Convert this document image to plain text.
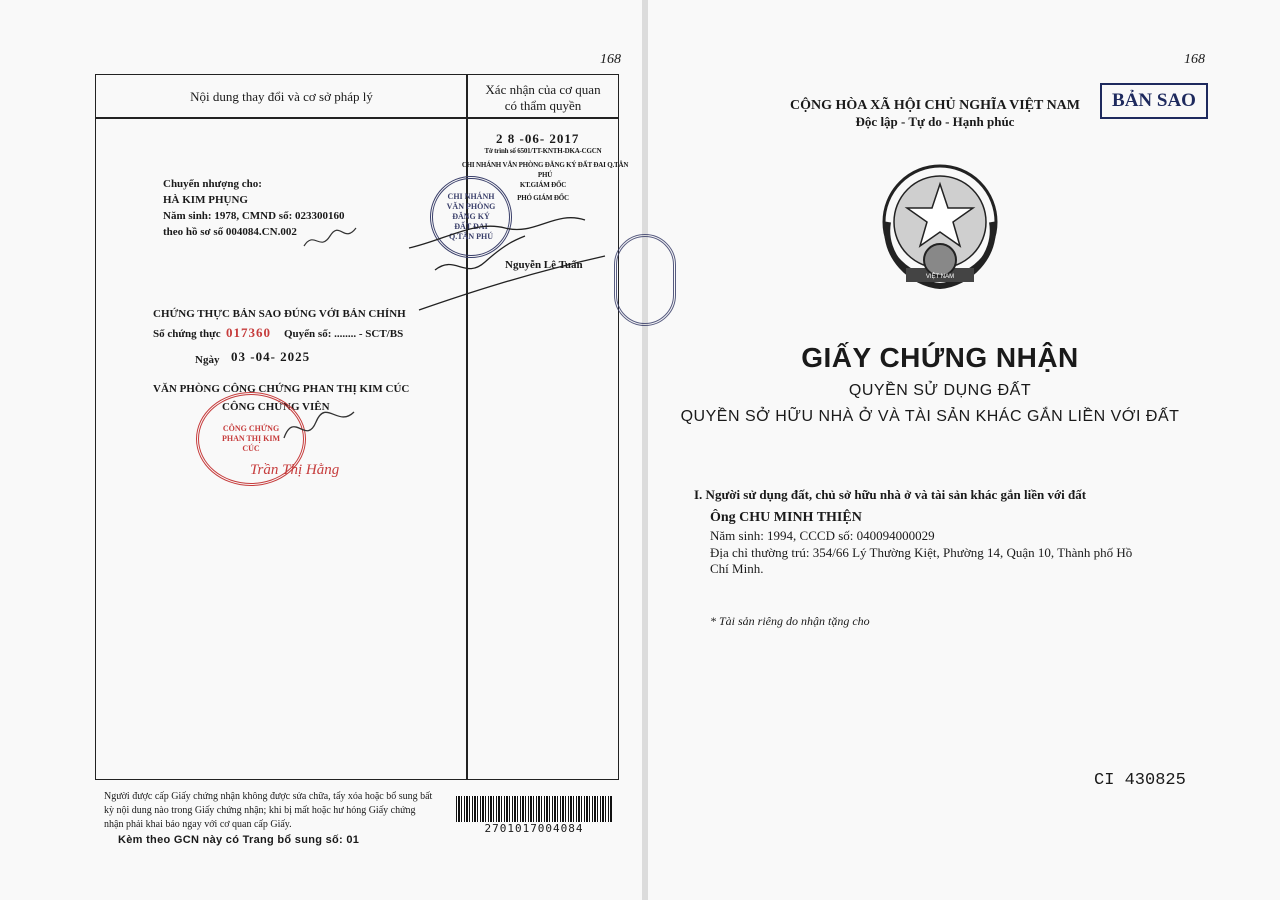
168
Nội dung thay đổi và cơ sở pháp lý	Xác nhận của cơ quan
có thẩm quyền
Chuyển nhượng cho:
HÀ KIM PHỤNG
Năm sinh: 1978, CMND số: 023300160
theo hồ sơ số 004084.CN.002
2 8 -06- 2017
Tờ trình số 6501/TT-KNTH-DKA-CGCN
CHI NHÁNH VĂN PHÒNG ĐĂNG KÝ ĐẤT ĐAI Q.TÂN PHÚ
KT.GIÁM ĐỐC
PHÓ GIÁM ĐỐC
Nguyễn Lê Tuấn
CHI NHÁNH VĂN PHÒNG ĐĂNG KÝ ĐẤT ĐAI Q.TÂN PHÚ
CHỨNG THỰC BẢN SAO ĐÚNG VỚI BẢN CHÍNH
Số chứng thực 017360 Quyển số: ........ - SCT/BS
Ngày 03 -04- 2025
VĂN PHÒNG CÔNG CHỨNG PHAN THỊ KIM CÚC
CÔNG CHỨNG VIÊN
CÔNG CHỨNG PHAN THỊ KIM CÚC
Trần Thị Hằng
Người được cấp Giấy chứng nhận không được sửa chữa, tẩy xóa hoặc bổ sung bất kỳ nội dung nào trong Giấy chứng nhận; khi bị mất hoặc hư hỏng Giấy chứng nhận phải khai báo ngay với cơ quan cấp Giấy.
Kèm theo GCN này có Trang bổ sung số: 01
2701017004084
168
CỘNG HÒA XÃ HỘI CHỦ NGHĨA VIỆT NAM
Độc lập - Tự do - Hạnh phúc
BẢN SAO
VIỆT NAM
GIẤY CHỨNG NHẬN
QUYỀN SỬ DỤNG ĐẤT
QUYỀN SỞ HỮU NHÀ Ở VÀ TÀI SẢN KHÁC GẮN LIỀN VỚI ĐẤT
I. Người sử dụng đất, chủ sở hữu nhà ở và tài sản khác gắn liền với đất
Ông CHU MINH THIỆN
Năm sinh: 1994, CCCD số: 040094000029
Địa chỉ thường trú: 354/66 Lý Thường Kiệt, Phường 14, Quận 10, Thành phố Hồ
Chí Minh.
* Tài sản riêng do nhận tặng cho
CI 430825
